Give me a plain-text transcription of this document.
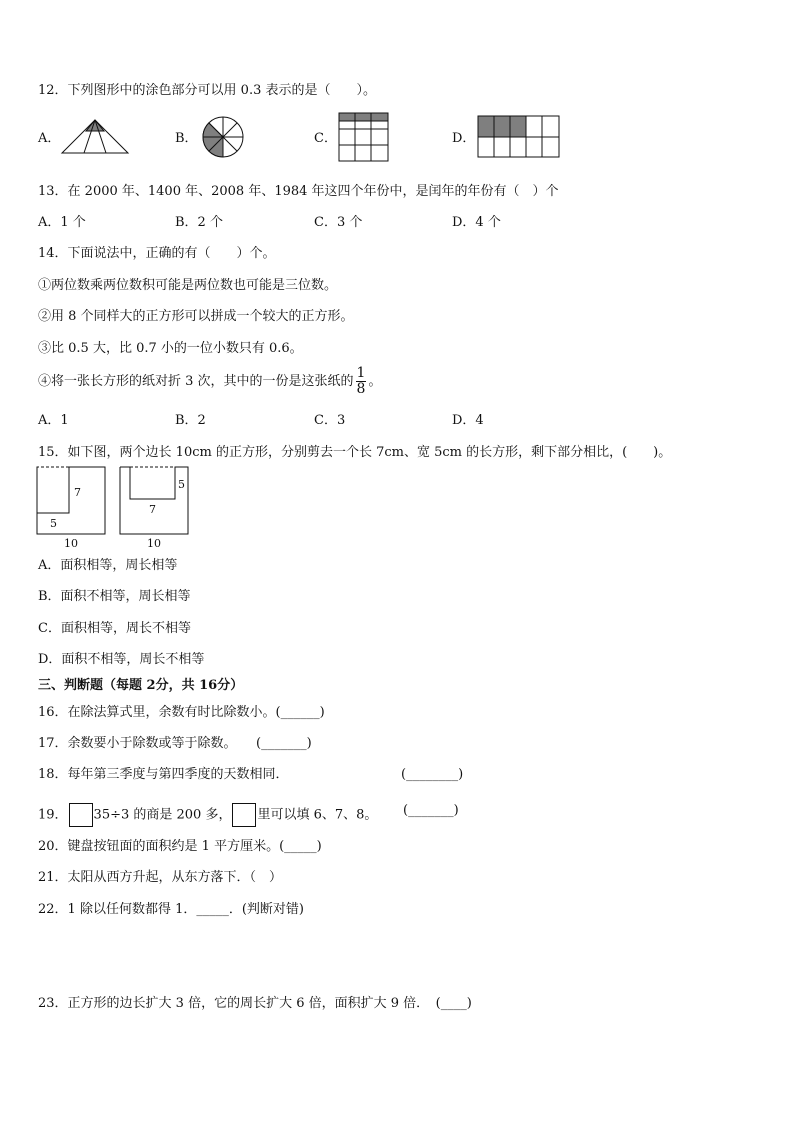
12．下列图形中的涂色部分可以用 0.3 表示的是（　　）。
A．	B．	C．	D．
13．在 2000 年、1400 年、2008 年、1984 年这四个年份中，是闰年的年份有（　）个
A．1 个	B．2 个	C．3 个	D．4 个
14．下面说法中，正确的有（　　）个。
①两位数乘两位数积可能是两位数也可能是三位数。
②用 8 个同样大的正方形可以拼成一个较大的正方形。
③比 0.5 大，比 0.7 小的一位小数只有 0.6。
④将一张长方形的纸对折 3 次，其中的一份是这张纸的 $\frac{1}{8}$ 。
A．1	B．2	C．3	D．4
15．如下图，两个边长 10cm 的正方形，分别剪去一个长 7cm、宽 5cm 的长方形，剩下部分相比，(　　)。
7
5
10
5
7
10
A．面积相等，周长相等
B．面积不相等，周长相等
C．面积相等，周长不相等
D．面积不相等，周长不相等
三、判断题（每题 2分，共 16分）
16．在除法算式里，余数有时比除数小。(______)
17．余数要小于除数或等于除数。　　(_______)
18．每年第三季度与第四季度的天数相同．	(________)
19． 35÷3 的商是 200 多， 里可以填 6、7、8。 (_______)
20．键盘按钮面的面积约是 1 平方厘米。(_____)
21．太阳从西方升起，从东方落下．（　）
22．1 除以任何数都得 1．_____．(判断对错)
23．正方形的边长扩大 3 倍，它的周长扩大 6 倍，面积扩大 9 倍．　(____)
